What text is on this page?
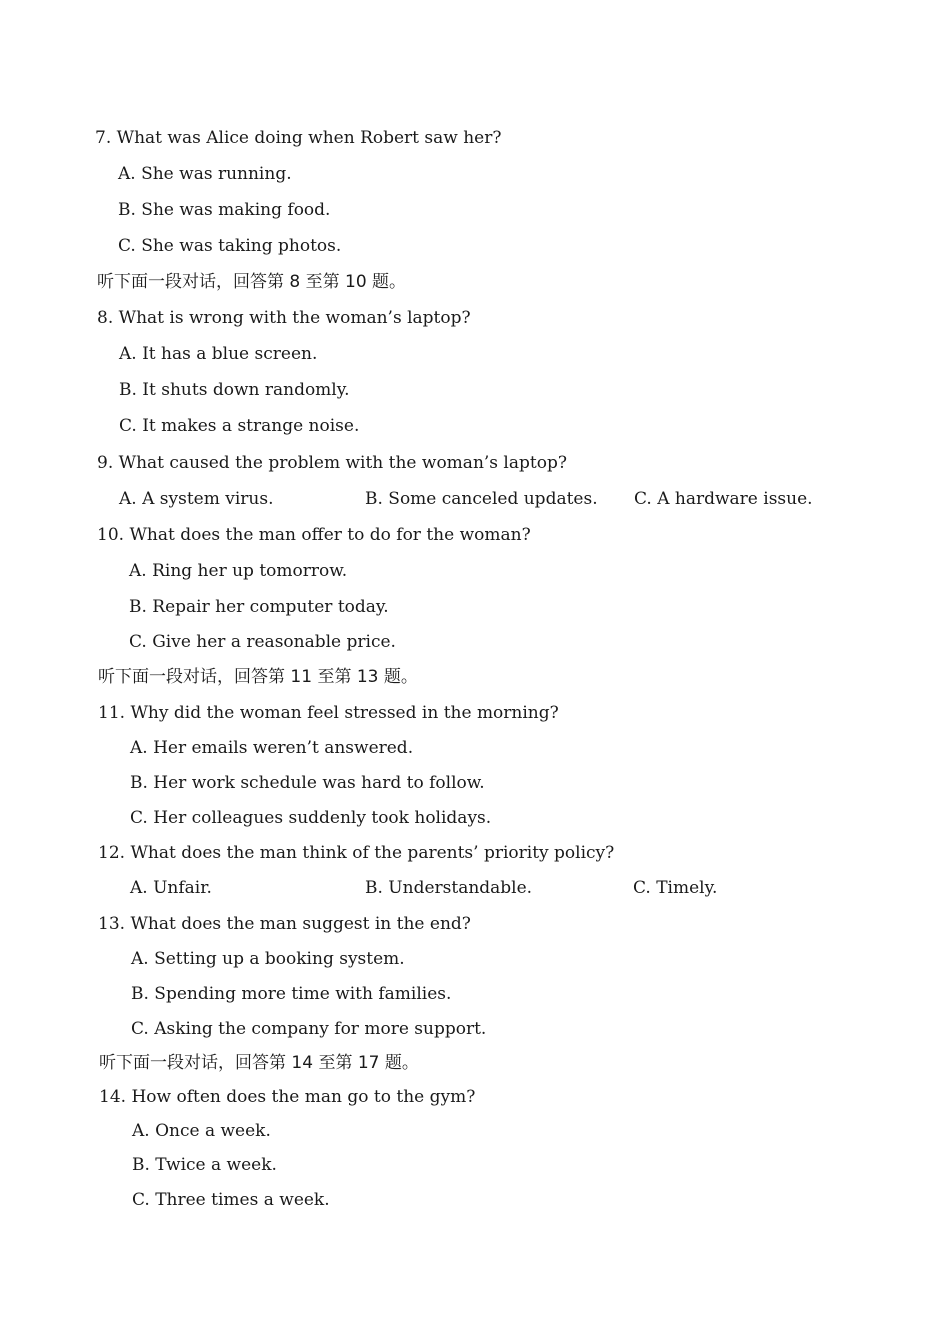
7. What was Alice doing when Robert saw her?
A. She was running.
B. She was making food.
C. She was taking photos.
听下面一段对话，回答第 8 至第 10 题。
8. What is wrong with the woman’s laptop?
A. It has a blue screen.
B. It shuts down randomly.
C. It makes a strange noise.
9. What caused the problem with the woman’s laptop?
A. A system virus.	B. Some canceled updates. C. A hardware issue.
10. What does the man offer to do for the woman?
A. Ring her up tomorrow.
B. Repair her computer today.
C. Give her a reasonable price.
听下面一段对话，回答第 11 至第 13 题。
11. Why did the woman feel stressed in the morning?
A. Her emails weren’t answered.
B. Her work schedule was hard to follow.
C. Her colleagues suddenly took holidays.
12. What does the man think of the parents’ priority policy?
A. Unfair.	B. Understandable.	C. Timely.
13. What does the man suggest in the end?
A. Setting up a booking system.
B. Spending more time with families.
C. Asking the company for more support.
听下面一段对话，回答第 14 至第 17 题。
14. How often does the man go to the gym?
A. Once a week.
B. Twice a week.
C. Three times a week.
